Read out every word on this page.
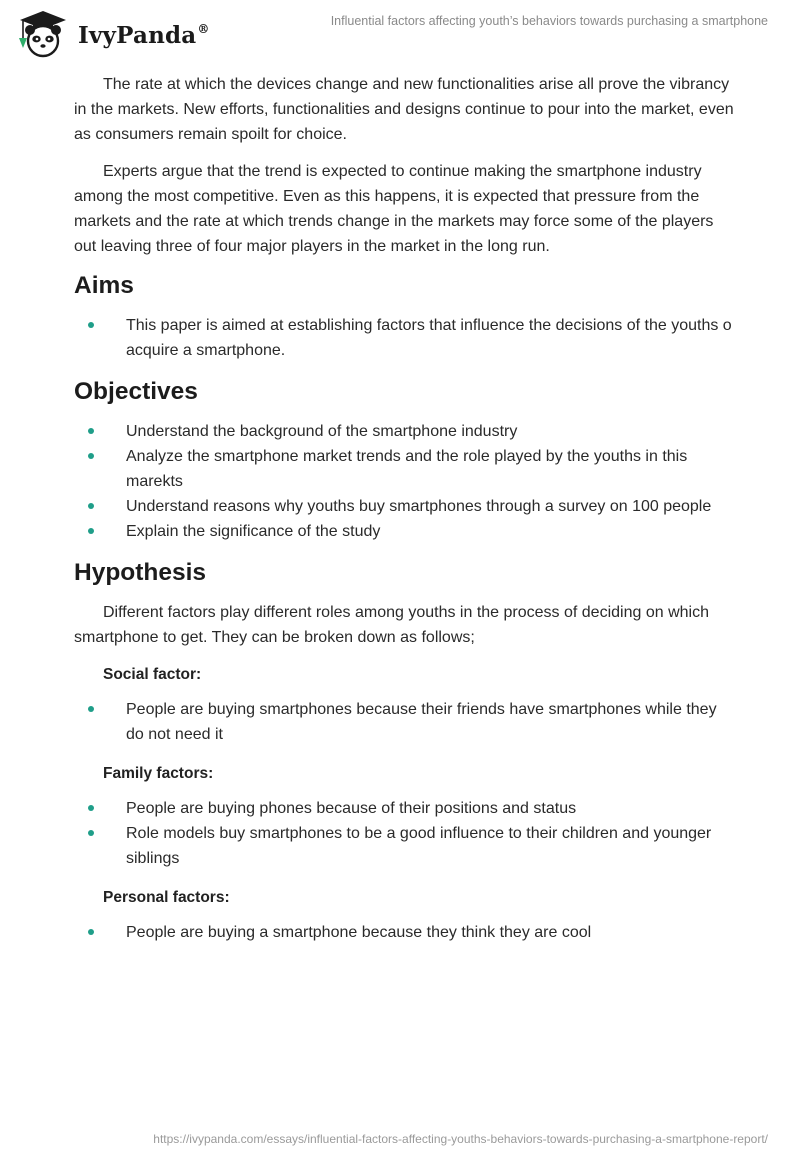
IvyPanda®
Influential factors affecting youth’s behaviors towards purchasing a smartphone

The rate at which the devices change and new functionalities arise all prove the vibrancy in the markets. New efforts, functionalities and designs continue to pour into the market, even as consumers remain spoilt for choice.

Experts argue that the trend is expected to continue making the smartphone industry among the most competitive. Even as this happens, it is expected that pressure from the markets and the rate at which trends change in the markets may force some of the players out leaving three of four major players in the market in the long run.

Aims
This paper is aimed at establishing factors that influence the decisions of the youths o acquire a smartphone.
Objectives
Understand the background of the smartphone industry
Analyze the smartphone market trends and the role played by the youths in this marekts
Understand reasons why youths buy smartphones through a survey on 100 people
Explain the significance of the study
Hypothesis

Different factors play different roles among youths in the process of deciding on which smartphone to get. They can be broken down as follows;

Social factor:
People are buying smartphones because their friends have smartphones while they do not need it
Family factors:
People are buying phones because of their positions and status
Role models buy smartphones to be a good influence to their children and younger siblings
Personal factors:
People are buying a smartphone because they think they are cool
https://ivypanda.com/essays/influential-factors-affecting-youths-behaviors-towards-purchasing-a-smartphone-report/
